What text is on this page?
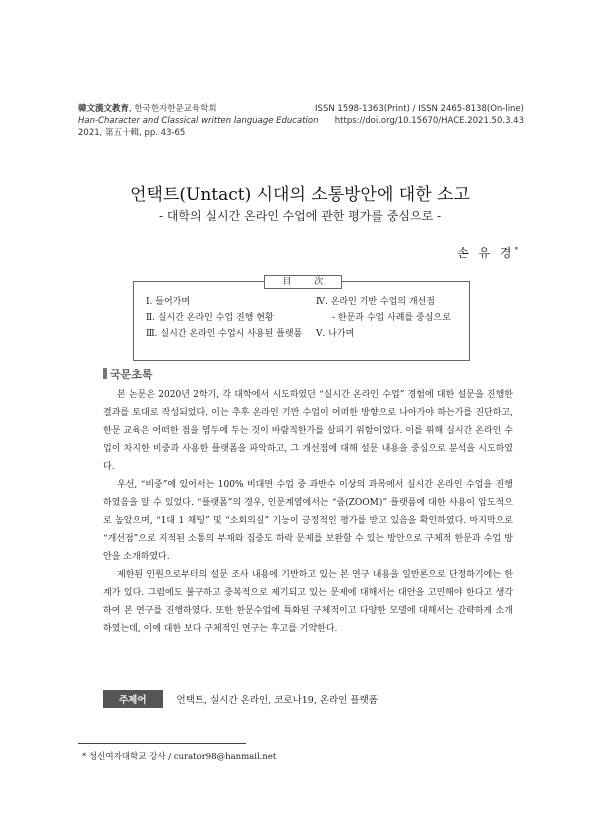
韓文漢文教育, 한국한자한문교육학회
Han-Character and Classical written language Education
2021, 第五十輯, pp. 43-65
ISSN 1598-1363(Print) / ISSN 2465-8138(On-line)
https://doi.org/10.15670/HACE.2021.50.3.43
언택트(Untact) 시대의 소통방안에 대한 소고
- 대학의 실시간 온라인 수업에 관한 평가를 중심으로 -
손 유 경*
目 次
Ⅰ. 들어가며
Ⅱ. 실시간 온라인 수업 진행 현황
Ⅲ. 실시간 온라인 수업시 사용된 플랫폼
Ⅳ. 온라인 기반 수업의 개선점
- 한문과 수업 사례를 중심으로
Ⅴ. 나가며
국문초록

본 논문은 2020년 2학기, 각 대학에서 시도하였던 “실시간 온라인 수업” 경험에 대한 설문을 진행한 결과를 토대로 작성되었다. 이는 추후 온라인 기반 수업이 어떠한 방향으로 나아가야 하는가를 진단하고, 한문 교육은 어떠한 점을 염두에 두는 것이 바람직한가를 살피기 위함이었다. 이를 위해 실시간 온라인 수업이 차지한 비중과 사용한 플랫폼을 파악하고, 그 개선점에 대해 설문 내용을 중심으로 분석을 시도하였다.

우선, “비중”에 있어서는 100% 비대면 수업 중 과반수 이상의 과목에서 실시간 온라인 수업을 진행하였음을 알 수 있었다. “플랫폼”의 경우, 인문계열에서는 “줌(ZOOM)” 플랫폼에 대한 사용이 압도적으로 높았으며, “1대 1 채팅” 및 “소회의실” 기능이 긍정적인 평가를 받고 있음을 확인하였다. 마지막으로 “개선점”으로 지적된 소통의 부재와 집중도 하락 문제를 보완할 수 있는 방안으로 구체적 한문과 수업 방안을 소개하였다.

제한된 인원으로부터의 설문 조사 내용에 기반하고 있는 본 연구 내용을 일반론으로 단정하기에는 한계가 있다. 그럼에도 불구하고 중복적으로 제기되고 있는 문제에 대해서는 대안을 고민해야 한다고 생각하여 본 연구를 진행하였다. 또한 한문수업에 특화된 구체적이고 다양한 모델에 대해서는 간략하게 소개하였는데, 이에 대한 보다 구체적인 연구는 후고를 기약한다.

주제어	언택트, 실시간 온라인, 코로나19, 온라인 플랫폼
* 성신여자대학교 강사 / curator98@hanmail.net
